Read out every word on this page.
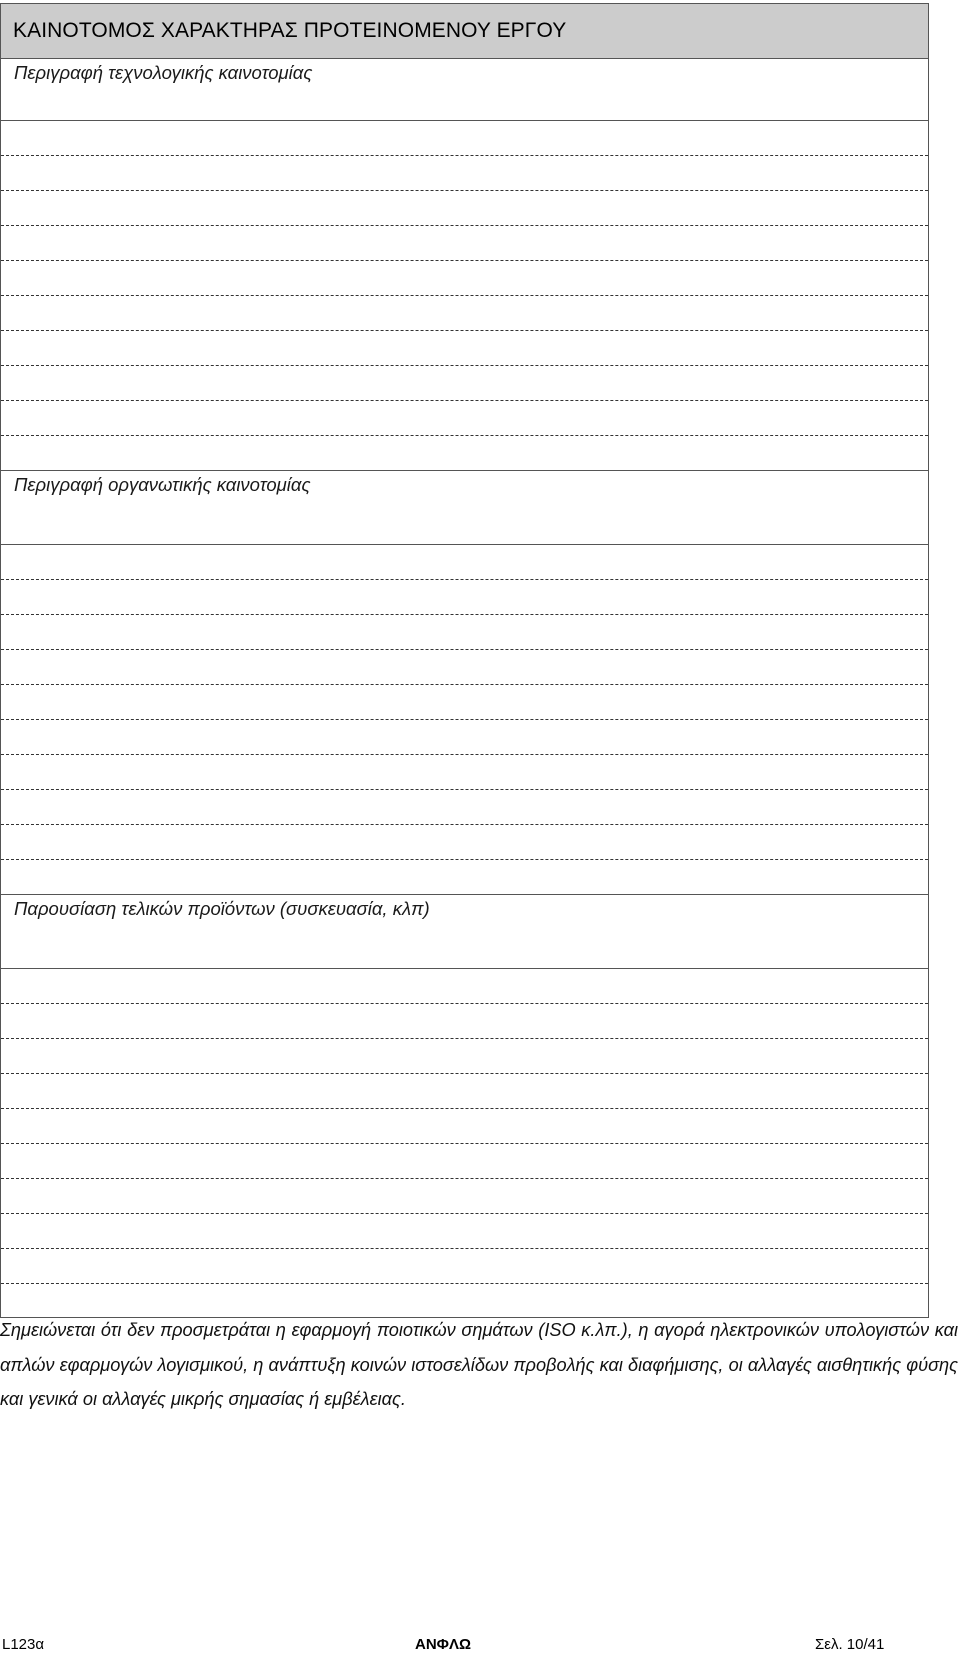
ΚΑΙΝΟΤΟΜΟΣ ΧΑΡΑΚΤΗΡΑΣ ΠΡΟΤΕΙΝΟΜΕΝΟΥ ΕΡΓΟΥ
Περιγραφή τεχνολογικής καινοτομίας

Περιγραφή οργανωτικής καινοτομίας

Παρουσίαση τελικών προϊόντων (συσκευασία, κλπ)

Σημειώνεται ότι δεν προσμετράται η εφαρμογή ποιοτικών σημάτων (ISO κ.λπ.), η αγορά ηλεκτρονικών υπολογιστών και απλών εφαρμογών λογισμικού, η ανάπτυξη κοινών ιστοσελίδων προβολής και διαφήμισης, οι αλλαγές αισθητικής φύσης και γενικά οι αλλαγές μικρής σημασίας ή εμβέλειας.
L123α	ΑΝΦΛΩ	Σελ. 10/41
